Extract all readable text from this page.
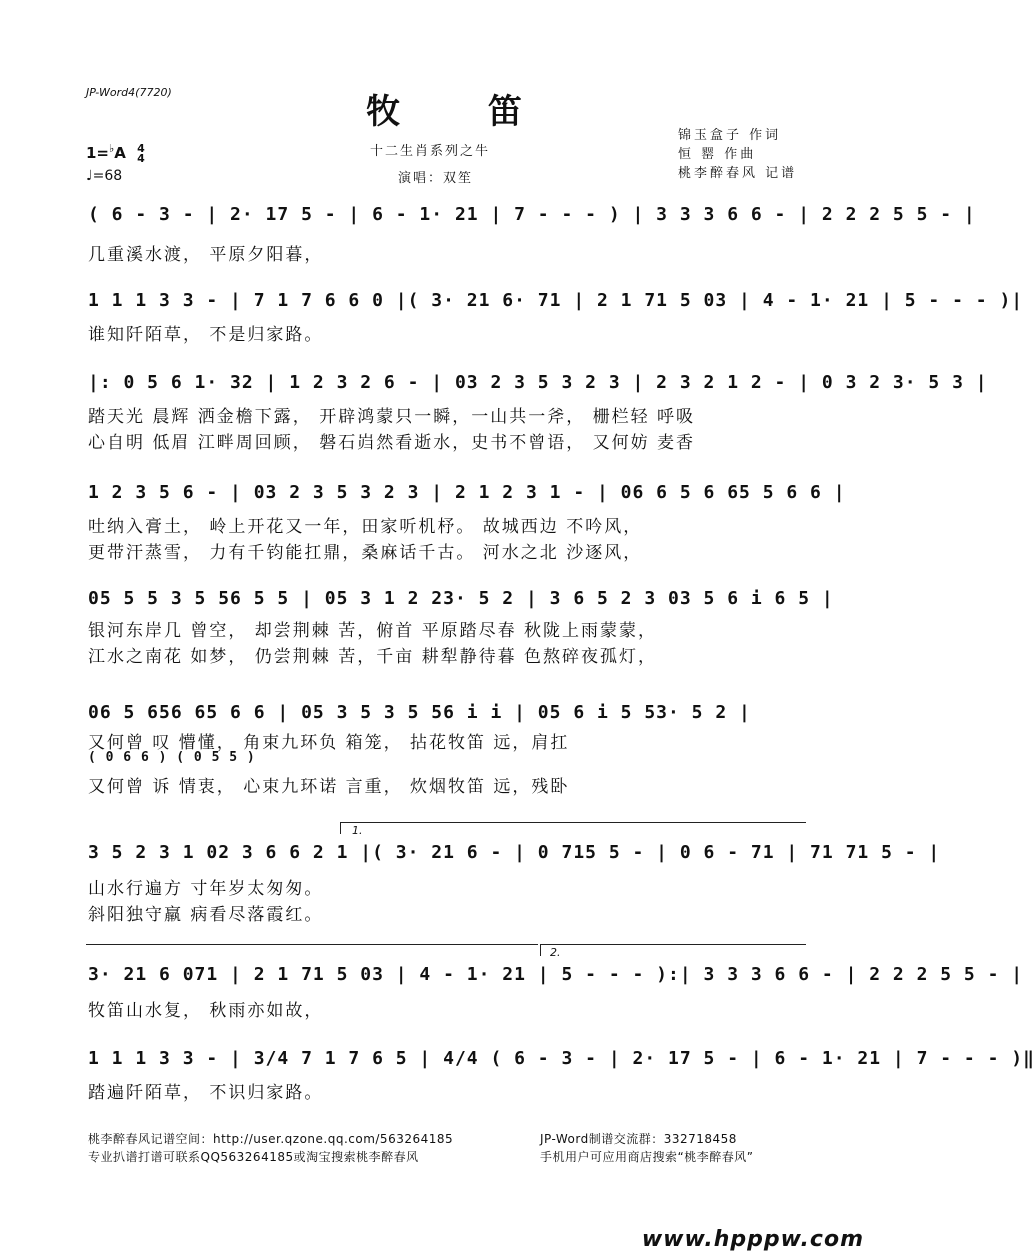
JP-Word4(7720)	牧 笛
十二生肖系列之牛
演唱：双笙
1=♭A 4
4
♩=68
锦玉盒子 作词
恒 罂 作曲
桃李醉春风 记谱
( 6 - 3 - | 2· 17 5 - | 6 - 1· 21 | 7 - - - ) | 3 3 3 6 6 - | 2 2 2 5 5 - |
几重溪水渡， 平原夕阳暮，
1 1 1 3 3 - | 7 1 7 6 6 0 |( 3· 21 6· 71 | 2 1 71 5 03 | 4 - 1· 21 | 5 - - - )|
谁知阡陌草， 不是归家路。
|: 0 5 6 1· 32 | 1 2 3 2 6 - | 03 2 3 5 3 2 3 | 2 3 2 1 2 - | 0 3 2 3· 5 3 |
踏天光 晨辉 洒金檐下露， 开辟鸿蒙只一瞬，一山共一斧， 栅栏轻 呼吸
心自明 低眉 江畔周回顾， 磐石岿然看逝水，史书不曾语， 又何妨 麦香
1 2 3 5 6 - | 03 2 3 5 3 2 3 | 2 1 2 3 1 - | 06 6 5 6 65 5 6 6 |
吐纳入膏土， 岭上开花又一年，田家听机杼。 故城西边 不吟风，
更带汗蒸雪， 力有千钧能扛鼎，桑麻话千古。 河水之北 沙逐风，
05 5 5 3 5 56 5 5 | 05 3 1 2 23· 5 2 | 3 6 5 2 3 03 5 6 i 6 5 |
银河东岸几 曾空， 却尝荆棘 苦，俯首 平原踏尽春 秋陇上雨蒙蒙，
江水之南花 如梦， 仍尝荆棘 苦，千亩 耕犁静待暮 色熬碎夜孤灯，
06 5 656 65 6 6 | 05 3 5 3 5 56 i i | 05 6 i 5 53· 5 2 |
又何曾 叹 懵懂， 角束九环负 箱笼， 拈花牧笛 远，肩扛
( 0 6 6 ) ( 0 5 5 )
又何曾 诉 情衷， 心束九环诺 言重， 炊烟牧笛 远，残卧
1.
3 5 2 3 1 02 3 6 6 2 1 |( 3· 21 6 - | 0 715 5 - | 0 6 - 71 | 71 71 5 - |
山水行遍方 寸年岁太匆匆。
斜阳独守羸 病看尽落霞红。
2.
3· 21 6 071 | 2 1 71 5 03 | 4 - 1· 21 | 5 - - - ):| 3 3 3 6 6 - | 2 2 2 5 5 - |
牧笛山水复， 秋雨亦如故，
1 1 1 3 3 - | 3/4 7 1 7 6 5 | 4/4 ( 6 - 3 - | 2· 17 5 - | 6 - 1· 21 | 7 - - - )‖
踏遍阡陌草， 不识归家路。
桃李醉春风记谱空间：http://user.qzone.qq.com/563264185
专业扒谱打谱可联系QQ563264185或淘宝搜索桃李醉春风
JP-Word制谱交流群：332718458
手机用户可应用商店搜索“桃李醉春风”
www.hpppw.com
